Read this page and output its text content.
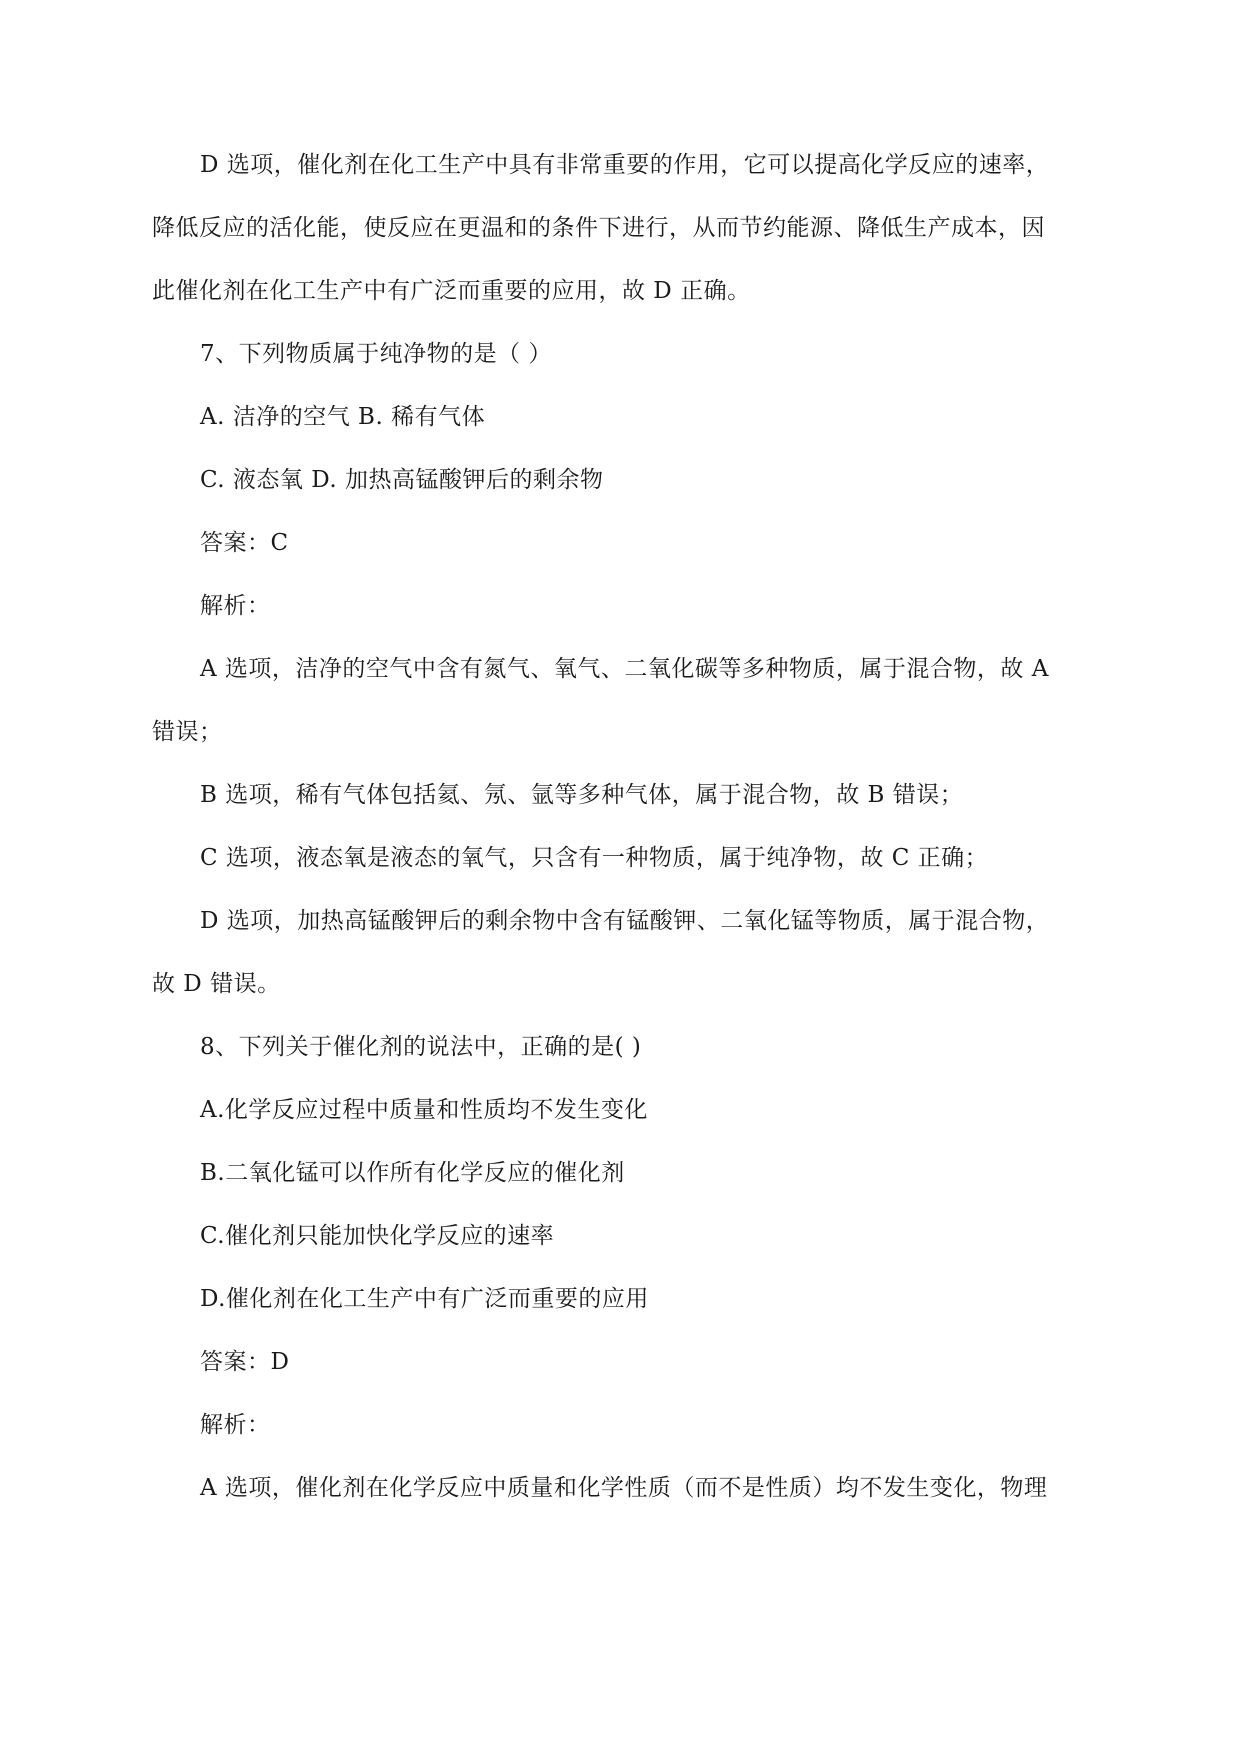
D 选项，催化剂在化工生产中具有非常重要的作用，它可以提高化学反应的速率，
降低反应的活化能，使反应在更温和的条件下进行，从而节约能源、降低生产成本，因
此催化剂在化工生产中有广泛而重要的应用，故 D 正确。
7、下列物质属于纯净物的是（ ）
A. 洁净的空气 B. 稀有气体
C. 液态氧 D. 加热高锰酸钾后的剩余物
答案：C
解析：
A 选项，洁净的空气中含有氮气、氧气、二氧化碳等多种物质，属于混合物，故 A
错误；
B 选项，稀有气体包括氦、氖、氩等多种气体，属于混合物，故 B 错误；
C 选项，液态氧是液态的氧气，只含有一种物质，属于纯净物，故 C 正确；
D 选项，加热高锰酸钾后的剩余物中含有锰酸钾、二氧化锰等物质，属于混合物，
故 D 错误。
8、下列关于催化剂的说法中，正确的是( )
A.化学反应过程中质量和性质均不发生变化
B.二氧化锰可以作所有化学反应的催化剂
C.催化剂只能加快化学反应的速率
D.催化剂在化工生产中有广泛而重要的应用
答案：D
解析：
A 选项，催化剂在化学反应中质量和化学性质（而不是性质）均不发生变化，物理
